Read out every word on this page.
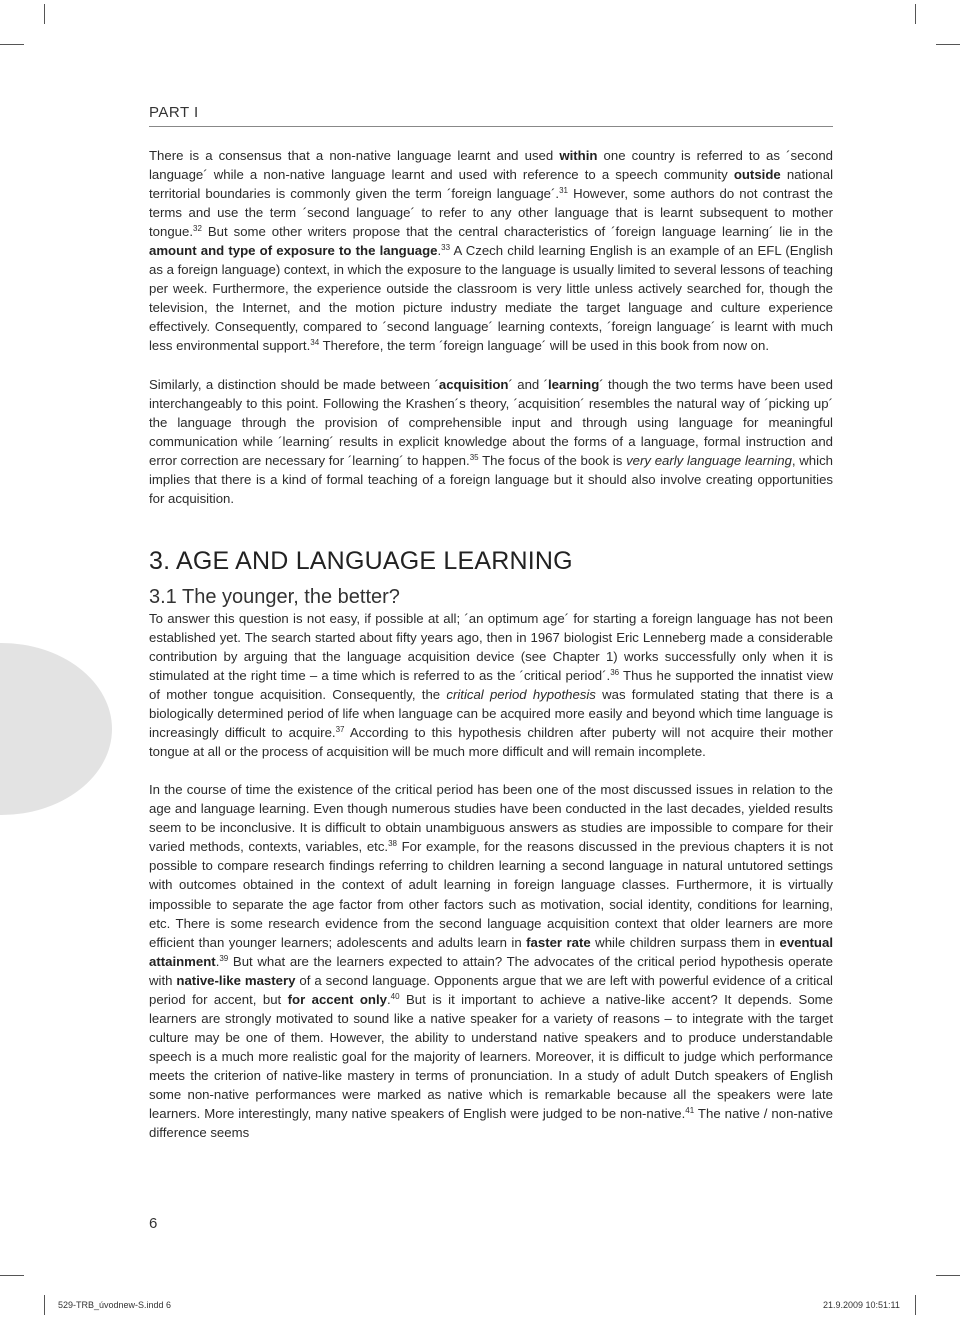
PART I

There is a consensus that a non-native language learnt and used within one country is referred to as ´second language´ while a non-native language learnt and used with reference to a speech community outside national territorial boundaries is commonly given the term ´foreign language´.$^{31}$ However, some authors do not contrast the terms and use the term ´second language´ to refer to any other language that is learnt subsequent to mother tongue.$^{32}$ But some other writers propose that the central characteristics of ´foreign language learning´ lie in the amount and type of exposure to the language.$^{33}$ A Czech child learning English is an example of an EFL (English as a foreign language) context, in which the exposure to the language is usually limited to several lessons of teaching per week. Furthermore, the experience outside the classroom is very little unless actively searched for, though the television, the Internet, and the motion picture industry mediate the target language and culture experience effectively. Consequently, compared to ´second language´ learning contexts, ´foreign language´ is learnt with much less environmental support.$^{34}$ Therefore, the term ´foreign language´ will be used in this book from now on.

Similarly, a distinction should be made between ´acquisition´ and ´learning´ though the two terms have been used interchangeably to this point. Following the Krashen´s theory, ´acquisition´ resembles the natural way of ´picking up´ the language through the provision of comprehensible input and through using language for meaningful communication while ´learning´ results in explicit knowledge about the forms of a language, formal instruction and error correction are necessary for ´learning´ to happen.$^{35}$ The focus of the book is very early language learning, which implies that there is a kind of formal teaching of a foreign language but it should also involve creating opportunities for acquisition.

3. AGE AND LANGUAGE LEARNING
3.1 The younger, the better?

To answer this question is not easy, if possible at all; ´an optimum age´ for starting a foreign language has not been established yet. The search started about fifty years ago, then in 1967 biologist Eric Lenneberg made a considerable contribution by arguing that the language acquisition device (see Chapter 1) works successfully only when it is stimulated at the right time – a time which is referred to as the ´critical period´.$^{36}$ Thus he supported the innatist view of mother tongue acquisition. Consequently, the critical period hypothesis was formulated stating that there is a biologically determined period of life when language can be acquired more easily and beyond which time language is increasingly difficult to acquire.$^{37}$ According to this hypothesis children after puberty will not acquire their mother tongue at all or the process of acquisition will be much more difficult and will remain incomplete.

In the course of time the existence of the critical period has been one of the most discussed issues in relation to the age and language learning. Even though numerous studies have been conducted in the last decades, yielded results seem to be inconclusive. It is difficult to obtain unambiguous answers as studies are impossible to compare for their varied methods, contexts, variables, etc.$^{38}$ For example, for the reasons discussed in the previous chapters it is not possible to compare research findings referring to children learning a second language in natural untutored settings with outcomes obtained in the context of adult learning in foreign language classes. Furthermore, it is virtually impossible to separate the age factor from other factors such as motivation, social identity, conditions for learning, etc. There is some research evidence from the second language acquisition context that older learners are more efficient than younger learners; adolescents and adults learn in faster rate while children surpass them in eventual attainment.$^{39}$ But what are the learners expected to attain? The advocates of the critical period hypothesis operate with native-like mastery of a second language. Opponents argue that we are left with powerful evidence of a critical period for accent, but for accent only.$^{40}$ But is it important to achieve a native-like accent? It depends. Some learners are strongly motivated to sound like a native speaker for a variety of reasons – to integrate with the target culture may be one of them. However, the ability to understand native speakers and to produce understandable speech is a much more realistic goal for the majority of learners. Moreover, it is difficult to judge which performance meets the criterion of native-like mastery in terms of pronunciation. In a study of adult Dutch speakers of English some non-native performances were marked as native which is remarkable because all the speakers were late learners. More interestingly, many native speakers of English were judged to be non-native.$^{41}$ The native / non-native difference seems

6
529-TRB_úvodnew-S.indd 6	21.9.2009 10:51:11
